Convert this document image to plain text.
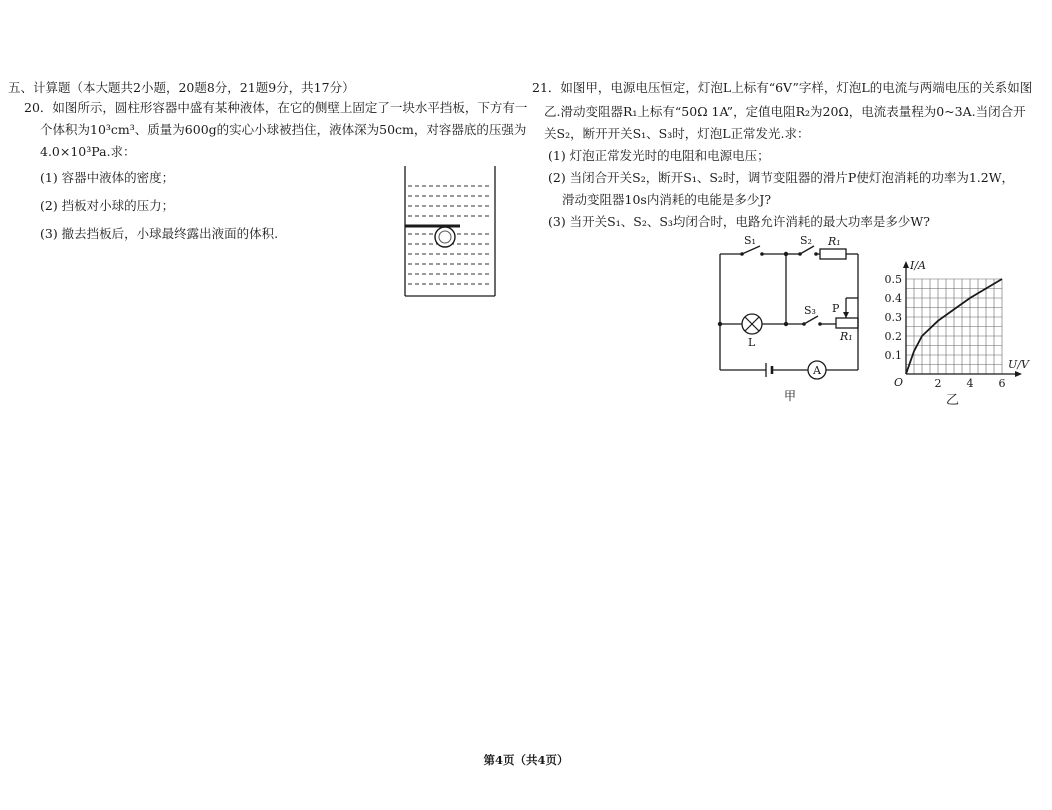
五、计算题（本大题共2小题，20题8分，21题9分，共17分）
20．如图所示，圆柱形容器中盛有某种液体，在它的侧壁上固定了一块水平挡板，下方有一
个体积为10³cm³、质量为600g的实心小球被挡住，液体深为50cm，对容器底的压强为
4.0×10³Pa.求：
(1) 容器中液体的密度；
(2) 挡板对小球的压力；
(3) 撤去挡板后，小球最终露出液面的体积.
21．如图甲，电源电压恒定，灯泡L上标有“6V”字样，灯泡L的电流与两端电压的关系如图
乙.滑动变阻器R₁上标有“50Ω 1A”，定值电阻R₂为20Ω，电流表量程为0~3A.当闭合开
关S₂，断开开关S₁、S₃时，灯泡L正常发光.求：
(1) 灯泡正常发光时的电阻和电源电压；
(2) 当闭合开关S₂，断开S₁、S₂时，调节变阻器的滑片P使灯泡消耗的功率为1.2W，
滑动变阻器10s内消耗的电能是多少J?
(3) 当开关S₁、S₂、S₃均闭合时，电路允许消耗的最大功率是多少W?
A
S₁	S₂ R₁
S₃ P
R₁
L
甲
2 4 6
0.1
0.2
0.3
0.4
0.5
I/A
U/V
O
乙
第4页（共4页）
